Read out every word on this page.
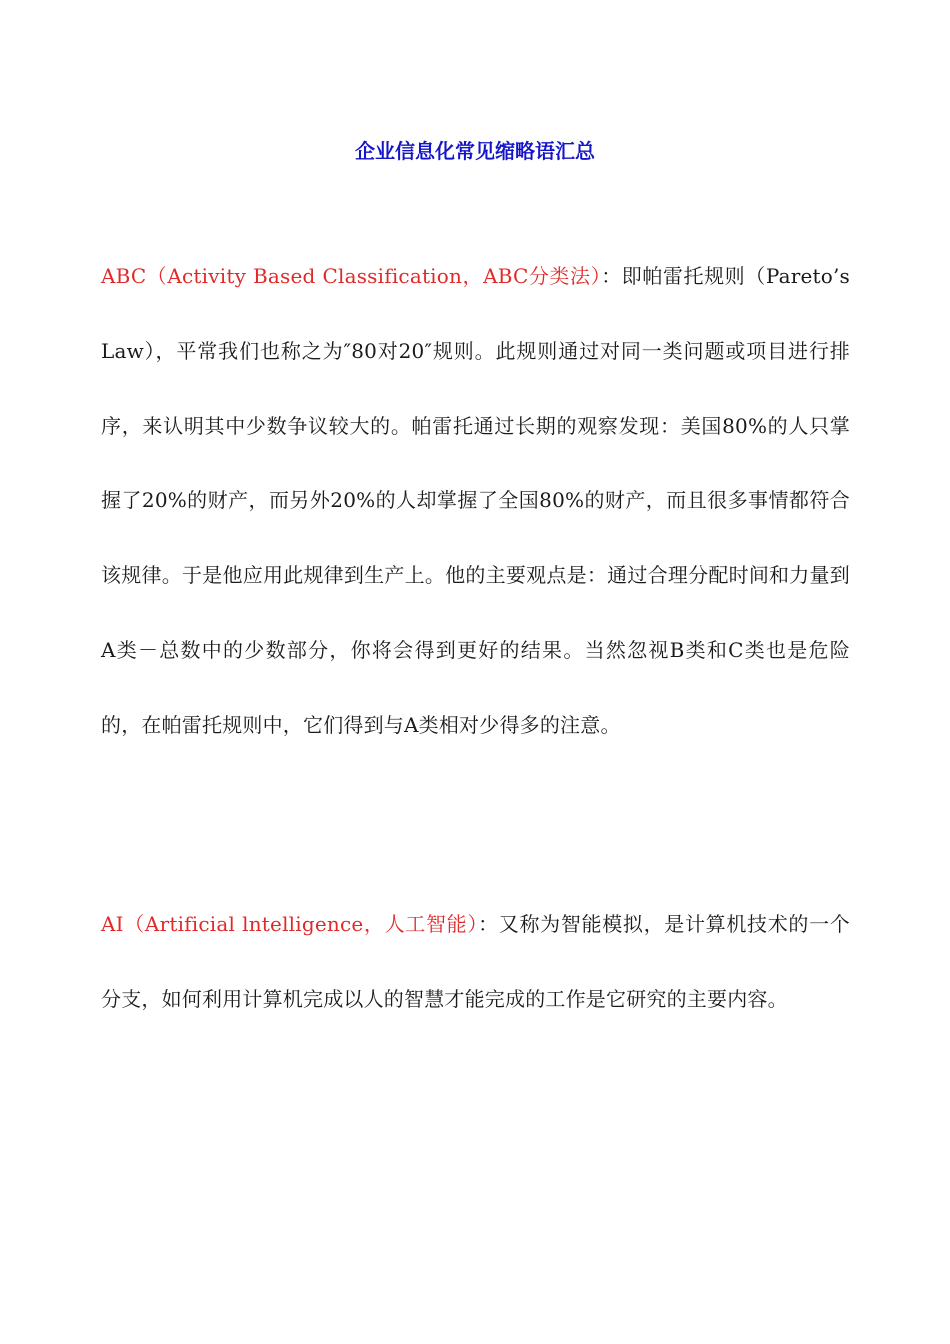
企业信息化常见缩略语汇总
ABC（Activity Based Classification，ABC分类法）：即帕雷托规则（Pareto’s Law），平常我们也称之为″80对20″规则。此规则通过对同一类问题或项目进行排序，来认明其中少数争议较大的。帕雷托通过长期的观察发现：美国80%的人只掌握了20%的财产，而另外20%的人却掌握了全国80%的财产，而且很多事情都符合该规律。于是他应用此规律到生产上。他的主要观点是：通过合理分配时间和力量到A类－总数中的少数部分，你将会得到更好的结果。当然忽视B类和C类也是危险的，在帕雷托规则中，它们得到与A类相对少得多的注意。
AI（Artificial lntelligence，人工智能）：又称为智能模拟，是计算机技术的一个分支，如何利用计算机完成以人的智慧才能完成的工作是它研究的主要内容。
